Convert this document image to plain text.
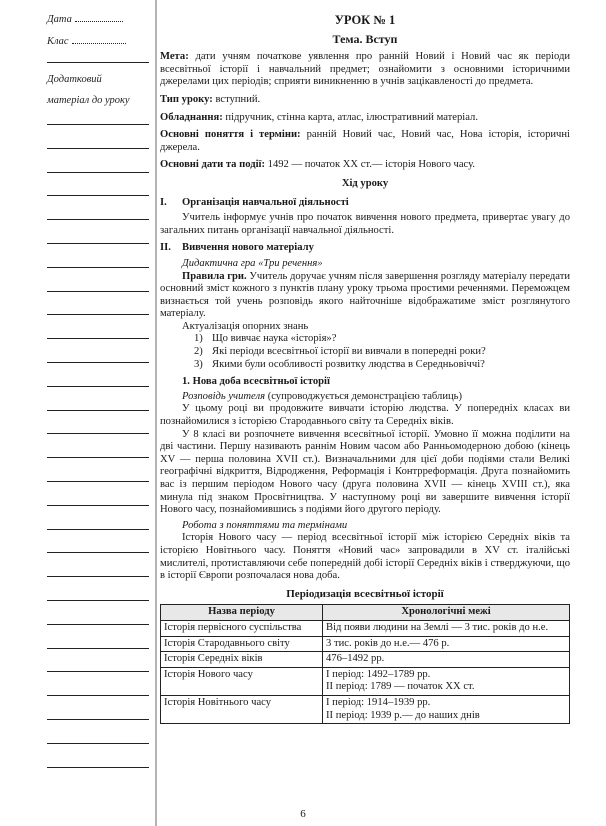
Дата
Клас
Додатковий
матеріал до уроку
УРОК № 1
Тема. Вступ
Мета: дати учням початкове уявлення про ранній Новий і Новий час як періоди всесвітньої історії і навчальний предмет; ознайомити з основними історичними джерелами цих періодів; сприяти виникненню в учнів зацікавленості до предмета.
Тип уроку: вступний.
Обладнання: підручник, стінна карта, атлас, ілюстративний матеріал.
Основні поняття і терміни: ранній Новий час, Новий час, Нова історія, історичні джерела.
Основні дати та події: 1492 — початок XX ст.— історія Нового часу.
Хід уроку
I. Організація навчальної діяльності

Учитель інформує учнів про початок вивчення нового предмета, привертає увагу до загальних питань організації навчальної діяльності.

II. Вивчення нового матеріалу
Дидактична гра «Три речення»

Правила гри. Учитель доручає учням після завершення розгляду матеріалу передати основний зміст кожного з пунктів плану уроку трьома простими реченнями. Переможцем визнається той учень розповідь якого найточніше відображатиме зміст розглянутого матеріалу.

Актуалізація опорних знань

1) Що вивчає наука «історія»?
2) Які періоди всесвітньої історії ви вивчали в попередні роки?
3) Якими були особливості розвитку людства в Середньовіччі?
1. Нова доба всесвітньої історії

Розповідь учителя (супроводжується демонстрацією таблиць)

У цьому році ви продовжите вивчати історію людства. У попередніх класах ви познайомилися з історією Стародавнього світу та Середніх віків.

У 8 класі ви розпочнете вивчення всесвітньої історії. Умовно її можна поділити на дві частини. Першу називають раннім Новим часом або Ранньомодерною добою (кінець XV — перша половина XVII ст.). Визначальними для цієї доби подіями стали Великі географічні відкриття, Відродження, Реформація і Контрреформація. Друга познайомить вас із першим періодом Нового часу (друга половина XVII — кінець XVIII ст.), яка минула під знаком Просвітництва. У наступному році ви завершите вивчення історії Нового часу, познайомившись з подіями його другого періоду.

Робота з поняттями та термінами

Історія Нового часу — період всесвітньої історії між історією Середніх віків та історією Новітнього часу. Поняття «Новий час» запровадили в XV ст. італійські мислителі, протиставляючи себе попередній добі історії Середніх віків і стверджуючи, що в історії Європи розпочалася нова доба.

Періодизація всесвітньої історії
Назва періоду	Хронологічні межі
Історія первісного суспільства	Від появи людини на Землі — 3 тис. років до н.е.

Історія Стародавнього світу	3 тис. років до н.е.— 476 р.

Історія Середніх віків	476–1492 рр.

Історія Нового часу	I період: 1492–1789 рр.
II період: 1789 — початок XX ст.

Історія Новітнього часу	I період: 1914–1939 рр.
II період: 1939 р.— до наших днів
6
